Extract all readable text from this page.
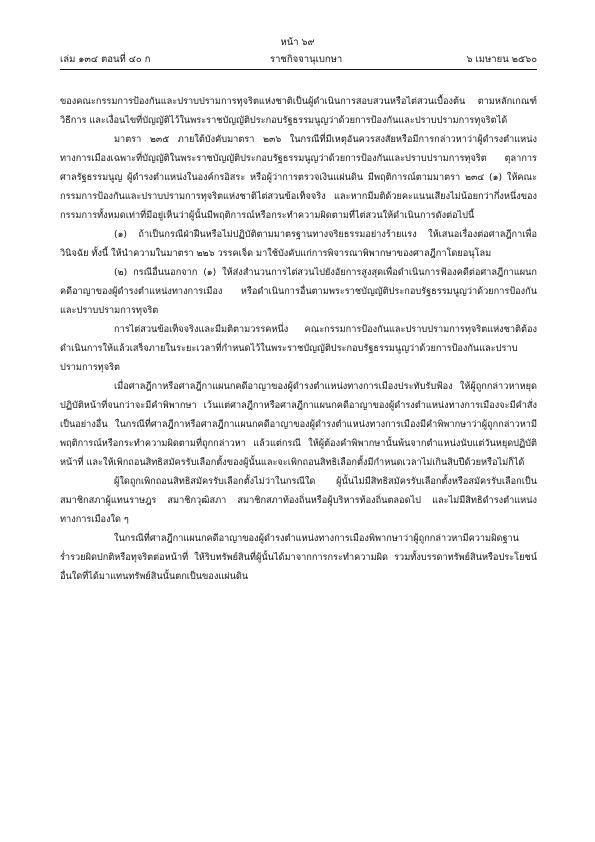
หน้า ๖๙
เล่ม ๑๓๔ ตอนที่ ๔๐ ก	ราชกิจจานุเบกษา	๖ เมษายน ๒๕๖๐

ของคณะกรรมการป้องกันและปราบปรามการทุจริตแห่งชาติเป็นผู้ดำเนินการสอบสวนหรือไต่สวนเบื้องต้น ตามหลักเกณฑ์ วิธีการ และเงื่อนไขที่บัญญัติไว้ในพระราชบัญญัติประกอบรัฐธรรมนูญว่าด้วยการป้องกันและปราบปรามการทุจริตได้

มาตรา ๒๓๕ ภายใต้บังคับมาตรา ๒๓๖ ในกรณีที่มีเหตุอันควรสงสัยหรือมีการกล่าวหาว่าผู้ดำรงตำแหน่งทางการเมืองเฉพาะที่บัญญัติในพระราชบัญญัติประกอบรัฐธรรมนูญว่าด้วยการป้องกันและปราบปรามการทุจริต ตุลาการศาลรัฐธรรมนูญ ผู้ดำรงตำแหน่งในองค์กรอิสระ หรือผู้ว่าการตรวจเงินแผ่นดิน มีพฤติการณ์ตามมาตรา ๒๓๔ (๑) ให้คณะกรรมการป้องกันและปราบปรามการทุจริตแห่งชาติไต่สวนข้อเท็จจริง และหากมีมติด้วยคะแนนเสียงไม่น้อยกว่ากึ่งหนึ่งของกรรมการทั้งหมดเท่าที่มีอยู่เห็นว่าผู้นั้นมีพฤติการณ์หรือกระทำความผิดตามที่ไต่สวนให้ดำเนินการดังต่อไปนี้

(๑) ถ้าเป็นกรณีฝ่าฝืนหรือไม่ปฏิบัติตามมาตรฐานทางจริยธรรมอย่างร้ายแรง ให้เสนอเรื่องต่อศาลฎีกาเพื่อวินิจฉัย ทั้งนี้ ให้นำความในมาตรา ๒๒๖ วรรคเจ็ด มาใช้บังคับแก่การพิจารณาพิพากษาของศาลฎีกาโดยอนุโลม

(๒) กรณีอื่นนอกจาก (๑) ให้ส่งสำนวนการไต่สวนไปยังอัยการสูงสุดเพื่อดำเนินการฟ้องคดีต่อศาลฎีกาแผนกคดีอาญาของผู้ดำรงตำแหน่งทางการเมือง หรือดำเนินการอื่นตามพระราชบัญญัติประกอบรัฐธรรมนูญว่าด้วยการป้องกันและปราบปรามการทุจริต

การไต่สวนข้อเท็จจริงและมีมติตามวรรคหนึ่ง คณะกรรมการป้องกันและปราบปรามการทุจริตแห่งชาติต้องดำเนินการให้แล้วเสร็จภายในระยะเวลาที่กำหนดไว้ในพระราชบัญญัติประกอบรัฐธรรมนูญว่าด้วยการป้องกันและปราบปรามการทุจริต

เมื่อศาลฎีกาหรือศาลฎีกาแผนกคดีอาญาของผู้ดำรงตำแหน่งทางการเมืองประทับรับฟ้อง ให้ผู้ถูกกล่าวหาหยุดปฏิบัติหน้าที่จนกว่าจะมีคำพิพากษา เว้นแต่ศาลฎีกาหรือศาลฎีกาแผนกคดีอาญาของผู้ดำรงตำแหน่งทางการเมืองจะมีคำสั่งเป็นอย่างอื่น ในกรณีที่ศาลฎีกาหรือศาลฎีกาแผนกคดีอาญาของผู้ดำรงตำแหน่งทางการเมืองมีคำพิพากษาว่าผู้ถูกกล่าวหามีพฤติการณ์หรือกระทำความผิดตามที่ถูกกล่าวหา แล้วแต่กรณี ให้ผู้ต้องคำพิพากษานั้นพ้นจากตำแหน่งนับแต่วันหยุดปฏิบัติหน้าที่ และให้เพิกถอนสิทธิสมัครรับเลือกตั้งของผู้นั้นและจะเพิกถอนสิทธิเลือกตั้งมีกำหนดเวลาไม่เกินสิบปีด้วยหรือไม่ก็ได้

ผู้ใดถูกเพิกถอนสิทธิสมัครรับเลือกตั้งไม่ว่าในกรณีใด ผู้นั้นไม่มีสิทธิสมัครรับเลือกตั้งหรือสมัครรับเลือกเป็นสมาชิกสภาผู้แทนราษฎร สมาชิกวุฒิสภา สมาชิกสภาท้องถิ่นหรือผู้บริหารท้องถิ่นตลอดไป และไม่มีสิทธิดำรงตำแหน่งทางการเมืองใด ๆ

ในกรณีที่ศาลฎีกาแผนกคดีอาญาของผู้ดำรงตำแหน่งทางการเมืองพิพากษาว่าผู้ถูกกล่าวหามีความผิดฐานร่ำรวยผิดปกติหรือทุจริตต่อหน้าที่ ให้ริบทรัพย์สินที่ผู้นั้นได้มาจากการกระทำความผิด รวมทั้งบรรดาทรัพย์สินหรือประโยชน์อื่นใดที่ได้มาแทนทรัพย์สินนั้นตกเป็นของแผ่นดิน
